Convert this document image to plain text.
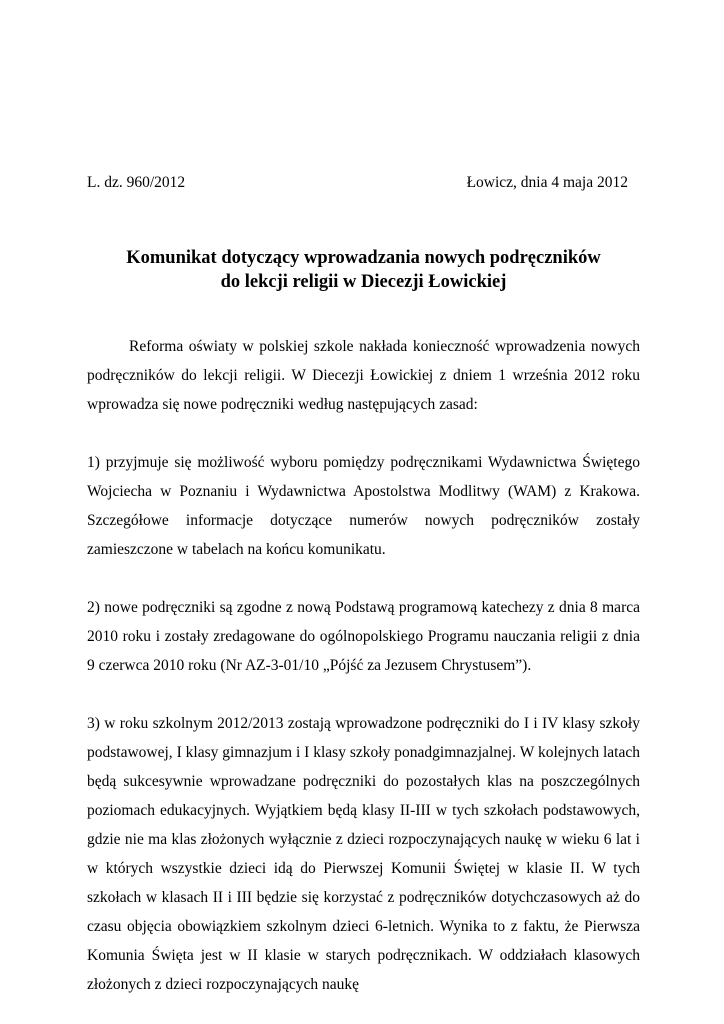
L. dz. 960/2012	Łowicz, dnia 4 maja 2012
Komunikat dotyczący wprowadzania nowych podręczników
do lekcji religii w Diecezji Łowickiej

Reforma oświaty w polskiej szkole nakłada konieczność wprowadzenia nowych podręczników do lekcji religii. W Diecezji Łowickiej z dniem 1 września 2012 roku wprowadza się nowe podręczniki według następujących zasad:

1) przyjmuje się możliwość wyboru pomiędzy podręcznikami Wydawnictwa Świętego Wojciecha w Poznaniu i Wydawnictwa Apostolstwa Modlitwy (WAM) z Krakowa. Szczegółowe informacje dotyczące numerów nowych podręczników zostały zamieszczone w tabelach na końcu komunikatu.

2) nowe podręczniki są zgodne z nową Podstawą programową katechezy z dnia 8 marca 2010 roku i zostały zredagowane do ogólnopolskiego Programu nauczania religii z dnia 9 czerwca 2010 roku (Nr AZ-3-01/10 „Pójść za Jezusem Chrystusem”).

3) w roku szkolnym 2012/2013 zostają wprowadzone podręczniki do I i IV klasy szkoły podstawowej, I klasy gimnazjum i I klasy szkoły ponadgimnazjalnej. W kolejnych latach będą sukcesywnie wprowadzane podręczniki do pozostałych klas na poszczególnych poziomach edukacyjnych. Wyjątkiem będą klasy II-III w tych szkołach podstawowych, gdzie nie ma klas złożonych wyłącznie z dzieci rozpoczynających naukę w wieku 6 lat i w których wszystkie dzieci idą do Pierwszej Komunii Świętej w klasie II. W tych szkołach w klasach II i III będzie się korzystać z podręczników dotychczasowych aż do czasu objęcia obowiązkiem szkolnym dzieci 6-letnich. Wynika to z faktu, że Pierwsza Komunia Święta jest w II klasie w starych podręcznikach. W oddziałach klasowych złożonych z dzieci rozpoczynających naukę
